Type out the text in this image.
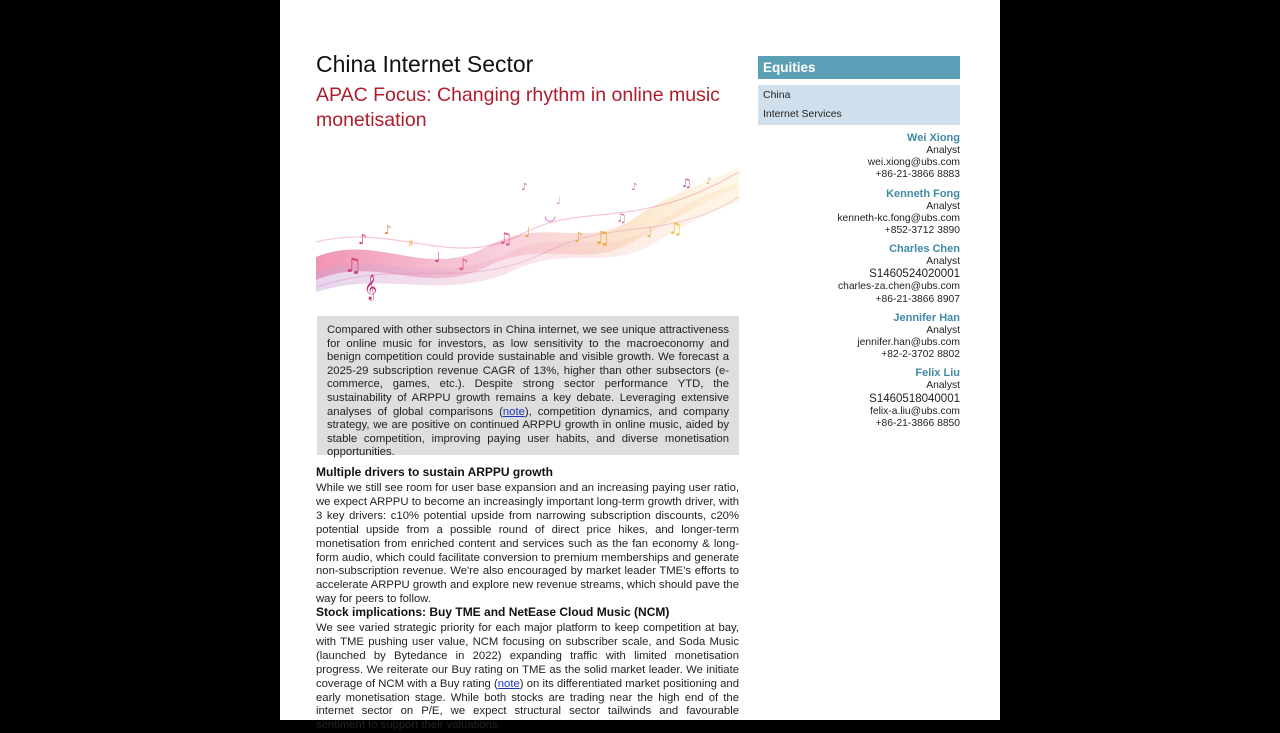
China Internet Sector
APAC Focus: Changing rhythm in online music monetisation
♫
𝄞
♪
♪
♯
♩ ♪
♫ ♩
◡
♪ ♫
♫
♩ ♫
♪
♩
♪	♫ ♪
Compared with other subsectors in China internet, we see unique attractiveness for online music for investors, as low sensitivity to the macroeconomy and benign competition could provide sustainable and visible growth. We forecast a 2025-29 subscription revenue CAGR of 13%, higher than other subsectors (e-commerce, games, etc.). Despite strong sector performance YTD, the sustainability of ARPPU growth remains a key debate. Leveraging extensive analyses of global comparisons (note), competition dynamics, and company strategy, we are positive on continued ARPPU growth in online music, aided by stable competition, improving paying user habits, and diverse monetisation opportunities.
Multiple drivers to sustain ARPPU growth

While we still see room for user base expansion and an increasing paying user ratio, we expect ARPPU to become an increasingly important long-term growth driver, with 3 key drivers: c10% potential upside from narrowing subscription discounts, c20% potential upside from a possible round of direct price hikes, and longer-term monetisation from enriched content and services such as the fan economy & long-form audio, which could facilitate conversion to premium memberships and generate non-subscription revenue. We're also encouraged by market leader TME's efforts to accelerate ARPPU growth and explore new revenue streams, which should pave the way for peers to follow.

Stock implications: Buy TME and NetEase Cloud Music (NCM)

We see varied strategic priority for each major platform to keep competition at bay, with TME pushing user value, NCM focusing on subscriber scale, and Soda Music (launched by Bytedance in 2022) expanding traffic with limited monetisation progress. We reiterate our Buy rating on TME as the solid market leader. We initiate coverage of NCM with a Buy rating (note) on its differentiated market positioning and early monetisation stage. While both stocks are trading near the high end of the internet sector on P/E, we expect structural sector tailwinds and favourable sentiment to support their valuations.

Equities
China
Internet Services
Wei Xiong
Analyst
wei.xiong@ubs.com
+86-21-3866 8883
Kenneth Fong
Analyst
kenneth-kc.fong@ubs.com
+852-3712 3890
Charles Chen
Analyst
S1460524020001
charles-za.chen@ubs.com
+86-21-3866 8907
Jennifer Han
Analyst
jennifer.han@ubs.com
+82-2-3702 8802
Felix Liu
Analyst
S1460518040001
felix-a.liu@ubs.com
+86-21-3866 8850
